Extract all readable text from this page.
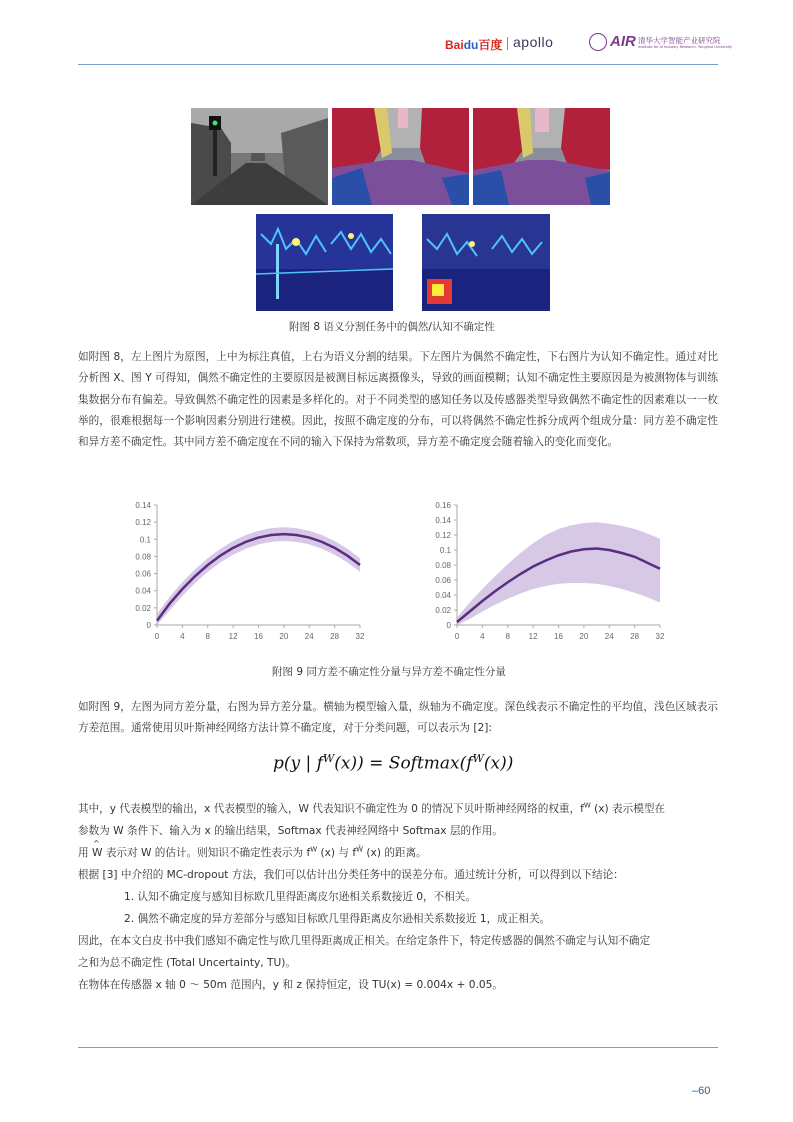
Baidu百度 apollo	AIR 清华大学智能产业研究院
Institute for AI Industry Research, Tsinghua University
附图 8 语义分割任务中的偶然/认知不确定性

如附图 8，左上图片为原图，上中为标注真值，上右为语义分割的结果。下左图片为偶然不确定性，下右图片为认知不确定性。通过对比分析图 X、图 Y 可得知，偶然不确定性的主要原因是被测目标远离摄像头，导致的画面模糊；认知不确定性主要原因是为被测物体与训练集数据分布有偏差。导致偶然不确定性的因素是多样化的。对于不同类型的感知任务以及传感器类型导致偶然不确定性的因素难以一一枚举的，很难根据每一个影响因素分别进行建模。因此，按照不确定度的分布，可以将偶然不确定性拆分成两个组成分量：同方差不确定性和异方差不确定性。其中同方差不确定度在不同的输入下保持为常数项，异方差不确定度会随着输入的变化而变化。

0
0.02
0.04
0.06
0.08
0.1
0.12
0.14
0	4	8 12 16 20 24 28 32
0
0.02
0.04
0.06
0.08
0.1
0.12
0.14
0.16
0	4	8 12 16 20 24 28 32
附图 9 同方差不确定性分量与异方差不确定性分量

如附图 9，左图为同方差分量，右图为异方差分量。横轴为模型输入量，纵轴为不确定度。深色线表示不确定性的平均值，浅色区域表示方差范围。通常使用贝叶斯神经网络方法计算不确定度，对于分类问题，可以表示为 [2]:

p(y | $f^W(x)$) = $Softmax(f^W(x))$
其中，y 代表模型的输出，x 代表模型的输入，W 代表知识不确定性为 0 的情况下贝叶斯神经网络的权重，$f^W$ (x) 表示模型在
参数为 W 条件下、输入为 x 的输出结果，Softmax 代表神经网络中 Softmax 层的作用。
用
^
W 表示对 W 的估计。则知识不确定性表示为 $f^W$ (x) 与 $f^Ŵ$ (x) 的距离。
根据 [3] 中介绍的 MC-dropout 方法，我们可以估计出分类任务中的误差分布。通过统计分析，可以得到以下结论：
1. 认知不确定度与感知目标欧几里得距离皮尔逊相关系数接近 0，不相关。
2. 偶然不确定度的异方差部分与感知目标欧几里得距离皮尔逊相关系数接近 1，成正相关。
因此，在本文白皮书中我们感知不确定性与欧几里得距离成正相关。在给定条件下，特定传感器的偶然不确定与认知不确定
之和为总不确定性 (Total Uncertainty, TU)。
在物体在传感器 x 轴 0 ～ 50m 范围内，y 和 z 保持恒定，设 TU(x) = 0.004x + 0.05。
–60
